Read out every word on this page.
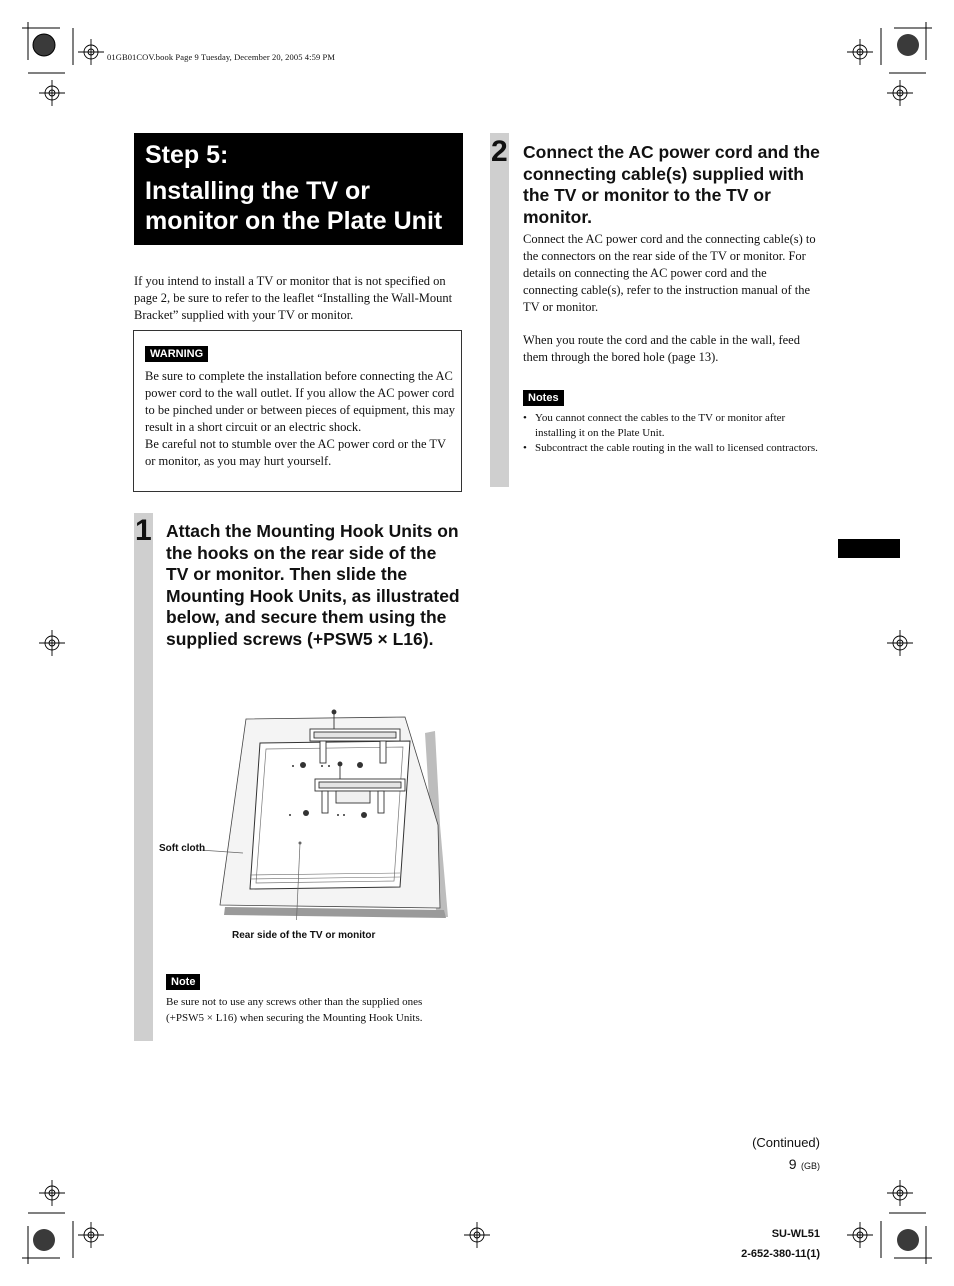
01GB01COV.book Page 9 Tuesday, December 20, 2005 4:59 PM
Step 5:
Installing the TV or monitor on the Plate Unit
If you intend to install a TV or monitor that is not specified on page 2, be sure to refer to the leaflet “Installing the Wall-Mount Bracket” supplied with your TV or monitor.
WARNING
Be sure to complete the installation before connecting the AC power cord to the wall outlet. If you allow the AC power cord to be pinched under or between pieces of equipment, this may result in a short circuit or an electric shock.
Be careful not to stumble over the AC power cord or the TV or monitor, as you may hurt yourself.
1 Attach the Mounting Hook Units on the hooks on the rear side of the TV or monitor. Then slide the Mounting Hook Units, as illustrated below, and secure them using the supplied screws (+PSW5 × L16).
Soft cloth
Rear side of the TV or monitor
Note
Be sure not to use any screws other than the supplied ones (+PSW5 × L16) when securing the Mounting Hook Units.
2 Connect the AC power cord and the connecting cable(s) supplied with the TV or monitor to the TV or monitor.
Connect the AC power cord and the connecting cable(s) to the connectors on the rear side of the TV or monitor. For details on connecting the AC power cord and the connecting cable(s), refer to the instruction manual of the TV or monitor.
When you route the cord and the cable in the wall, feed them through the bored hole (page 13).
Notes
• You cannot connect the cables to the TV or monitor after installing it on the Plate Unit.
• Subcontract the cable routing in the wall to licensed contractors.
(Continued)
9 (GB)
SU-WL51
2-652-380-11(1)
